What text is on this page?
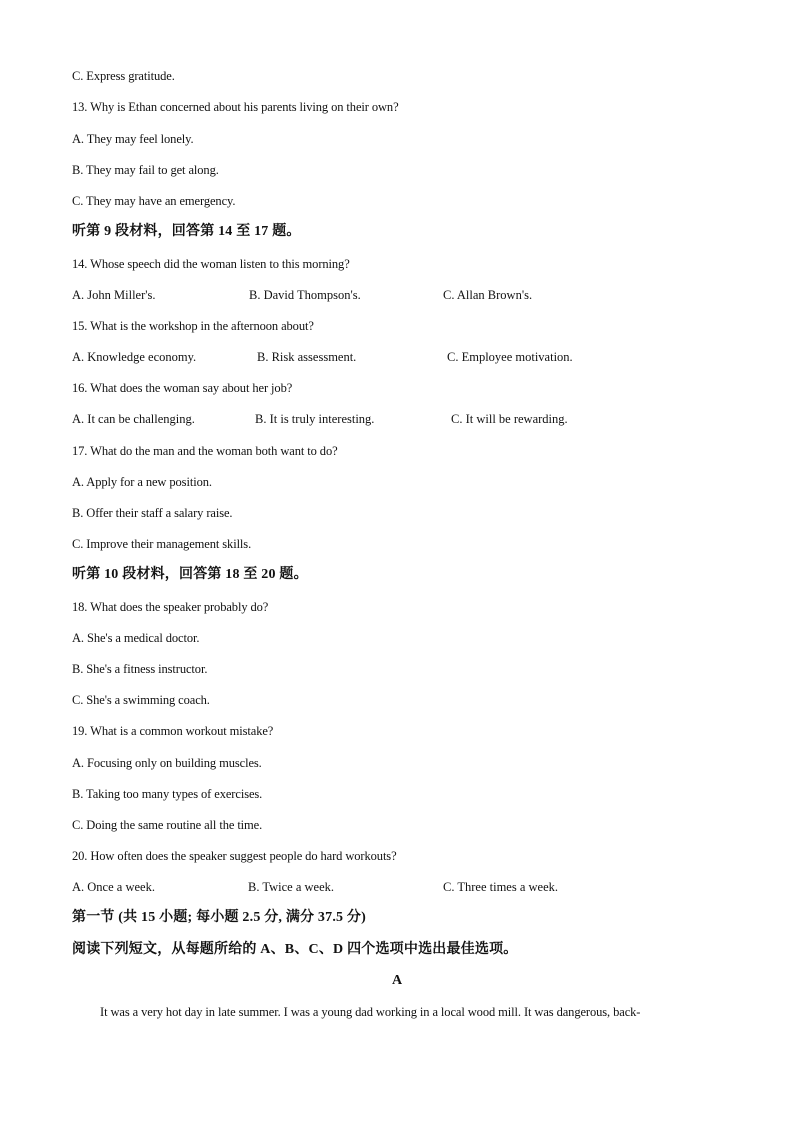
C. Express gratitude.
13. Why is Ethan concerned about his parents living on their own?
A. They may feel lonely.
B. They may fail to get along.
C. They may have an emergency.
听第 9 段材料，回答第 14 至 17 题。
14. Whose speech did the woman listen to this morning?
A. John Miller's.	B. David Thompson's.	C. Allan Brown's.
15. What is the workshop in the afternoon about?
A. Knowledge economy.	B. Risk assessment.	C. Employee motivation.
16. What does the woman say about her job?
A. It can be challenging.	B. It is truly interesting.	C. It will be rewarding.
17. What do the man and the woman both want to do?
A. Apply for a new position.
B. Offer their staff a salary raise.
C. Improve their management skills.
听第 10 段材料，回答第 18 至 20 题。
18. What does the speaker probably do?
A. She's a medical doctor.
B. She's a fitness instructor.
C. She's a swimming coach.
19. What is a common workout mistake?
A. Focusing only on building muscles.
B. Taking too many types of exercises.
C. Doing the same routine all the time.
20. How often does the speaker suggest people do hard workouts?
A. Once a week.	B. Twice a week.	C. Three times a week.
第一节 (共 15 小题; 每小题 2.5 分, 满分 37.5 分)
阅读下列短文，从每题所给的 A、B、C、D 四个选项中选出最佳选项。
A
It was a very hot day in late summer. I was a young dad working in a local wood mill. It was dangerous, back-
